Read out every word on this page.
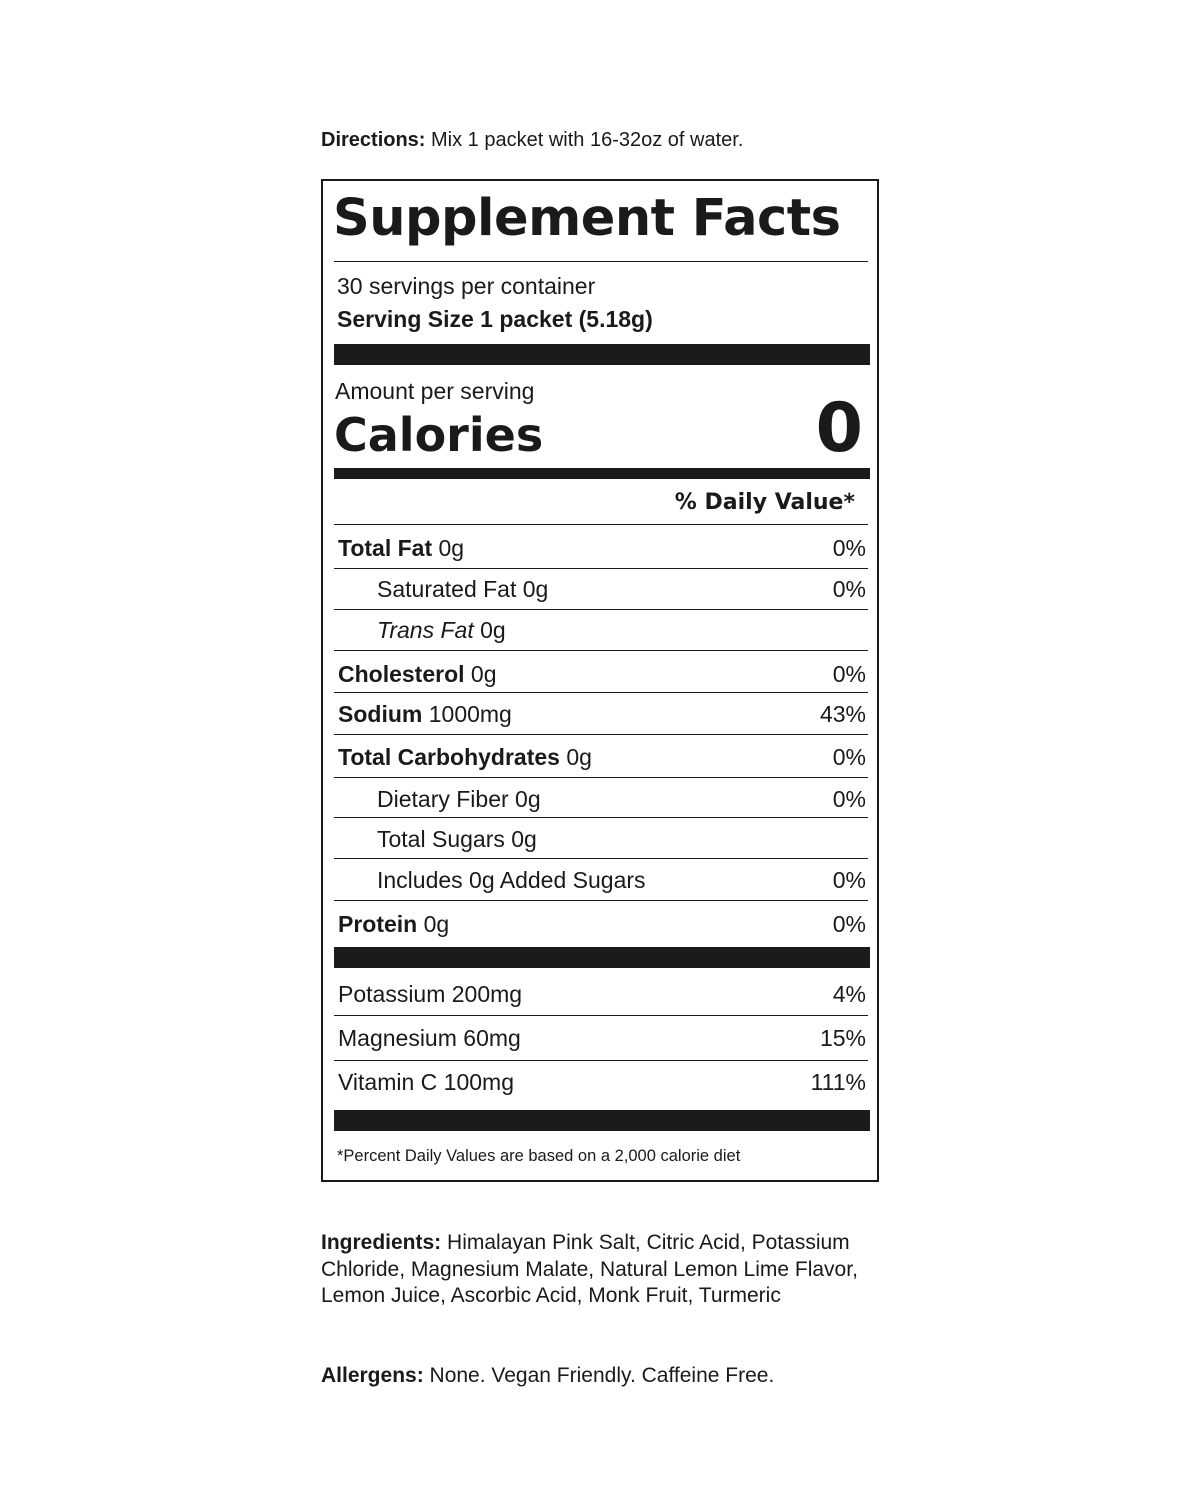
Directions: Mix 1 packet with 16-32oz of water.
Supplement Facts
30 servings per container
Serving Size 1 packet (5.18g)
Amount per serving
Calories	0
% Daily Value*
Total Fat 0g	0%
Saturated Fat 0g	0%
Trans Fat 0g
Cholesterol 0g	0%
Sodium 1000mg	43%
Total Carbohydrates 0g	0%
Dietary Fiber 0g	0%
Total Sugars 0g
Includes 0g Added Sugars	0%
Protein 0g	0%
Potassium 200mg	4%
Magnesium 60mg	15%
Vitamin C 100mg	111%
*Percent Daily Values are based on a 2,000 calorie diet
Ingredients: Himalayan Pink Salt, Citric Acid, Potassium Chloride, Magnesium Malate, Natural Lemon Lime Flavor, Lemon Juice, Ascorbic Acid, Monk Fruit, Turmeric
Allergens: None. Vegan Friendly. Caffeine Free.
